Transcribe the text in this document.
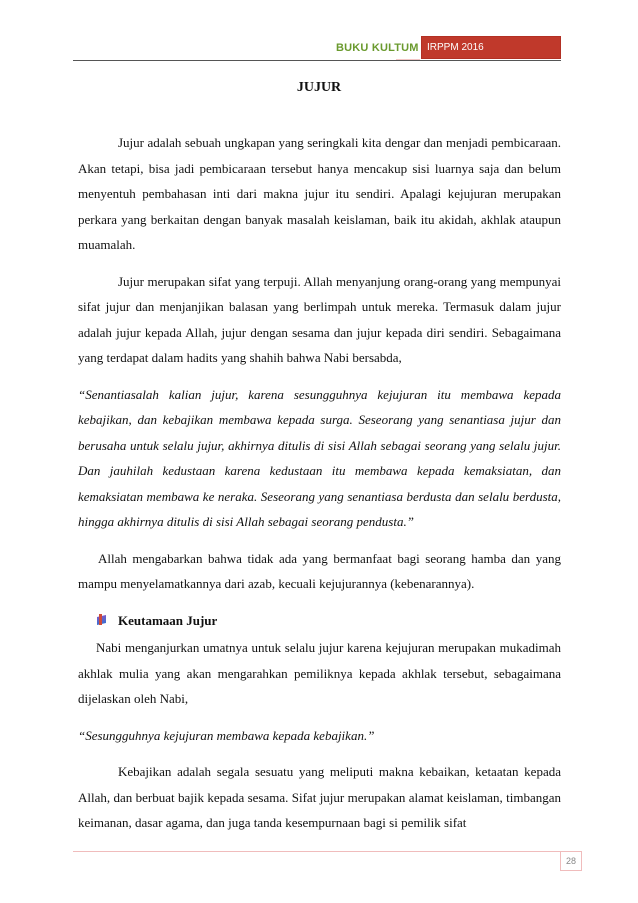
BUKU KULTUM IRPPM 2016
JUJUR

Jujur adalah sebuah ungkapan yang seringkali kita dengar dan menjadi pembicaraan. Akan tetapi, bisa jadi pembicaraan tersebut hanya mencakup sisi luarnya saja dan belum menyentuh pembahasan inti dari makna jujur itu sendiri. Apalagi kejujuran merupakan perkara yang berkaitan dengan banyak masalah keislaman, baik itu akidah, akhlak ataupun muamalah.

Jujur merupakan sifat yang terpuji. Allah menyanjung orang-orang yang mempunyai sifat jujur dan menjanjikan balasan yang berlimpah untuk mereka. Termasuk dalam jujur adalah jujur kepada Allah, jujur dengan sesama dan jujur kepada diri sendiri. Sebagaimana yang terdapat dalam hadits yang shahih bahwa Nabi bersabda,

“Senantiasalah kalian jujur, karena sesungguhnya kejujuran itu membawa kepada kebajikan, dan kebajikan membawa kepada surga. Seseorang yang senantiasa jujur dan berusaha untuk selalu jujur, akhirnya ditulis di sisi Allah sebagai seorang yang selalu jujur. Dan jauhilah kedustaan karena kedustaan itu membawa kepada kemaksiatan, dan kemaksiatan membawa ke neraka. Seseorang yang senantiasa berdusta dan selalu berdusta, hingga akhirnya ditulis di sisi Allah sebagai seorang pendusta.”

Allah mengabarkan bahwa tidak ada yang bermanfaat bagi seorang hamba dan yang mampu menyelamatkannya dari azab, kecuali kejujurannya (kebenarannya).

Keutamaan Jujur

Nabi menganjurkan umatnya untuk selalu jujur karena kejujuran merupakan mukadimah akhlak mulia yang akan mengarahkan pemiliknya kepada akhlak tersebut, sebagaimana dijelaskan oleh Nabi,

“Sesungguhnya kejujuran membawa kepada kebajikan.”

Kebajikan adalah segala sesuatu yang meliputi makna kebaikan, ketaatan kepada Allah, dan berbuat bajik kepada sesama. Sifat jujur merupakan alamat keislaman, timbangan keimanan, dasar agama, dan juga tanda kesempurnaan bagi si pemilik sifat

28
